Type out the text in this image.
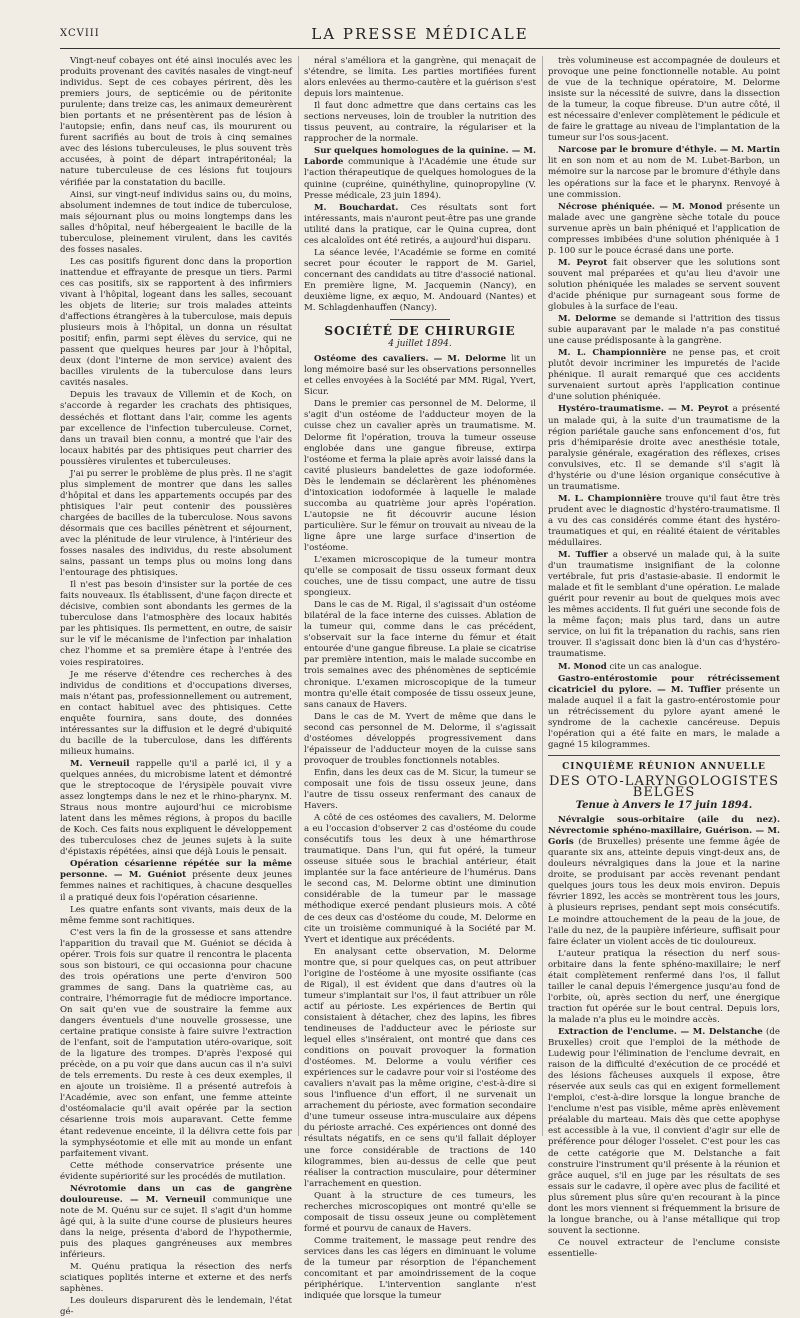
XCVIII	LA PRESSE MÉDICALE

Vingt-neuf cobayes ont été ainsi inoculés avec les produits provenant des cavités nasales de vingt-neuf individus. Sept de ces cobayes périrent, dès les premiers jours, de septicémie ou de péritonite purulente; dans treize cas, les animaux demeurèrent bien portants et ne présentèrent pas de lésion à l'autopsie; enfin, dans neuf cas, ils moururent ou furent sacrifiés au bout de trois à cinq semaines avec des lésions tuberculeuses, le plus souvent très accusées, à point de départ intrapéritonéal; la nature tuberculeuse de ces lésions fut toujours vérifiée par la constatation du bacille.

Ainsi, sur vingt-neuf individus sains ou, du moins, absolument indemnes de tout indice de tuberculose, mais séjournant plus ou moins longtemps dans les salles d'hôpital, neuf hébergeaient le bacille de la tuberculose, pleinement virulent, dans les cavités des fosses nasales.

Les cas positifs figurent donc dans la proportion inattendue et effrayante de presque un tiers. Parmi ces cas positifs, six se rapportent à des infirmiers vivant à l'hôpital, logeant dans les salles, secouant les objets de literie; sur trois malades atteints d'affections étrangères à la tuberculose, mais depuis plusieurs mois à l'hôpital, un donna un résultat positif; enfin, parmi sept élèves du service, qui ne passent que quelques heures par jour à l'hôpital, deux (dont l'interne de mon service) avaient des bacilles virulents de la tuberculose dans leurs cavités nasales.

Depuis les travaux de Villemin et de Koch, on s'accorde à regarder les crachats des phtisiques, desséchés et flottant dans l'air, comme les agents par excellence de l'infection tuberculeuse. Cornet, dans un travail bien connu, a montré que l'air des locaux habités par des phtisiques peut charrier des poussières virulentes et tuberculeuses.

J'ai pu serrer le problème de plus près. Il ne s'agit plus simplement de montrer que dans les salles d'hôpital et dans les appartements occupés par des phtisiques l'air peut contenir des poussières chargées de bacilles de la tuberculose. Nous savons désormais que ces bacilles pénètrent et séjournent, avec la plénitude de leur virulence, à l'intérieur des fosses nasales des individus, du reste absolument sains, passant un temps plus ou moins long dans l'entourage des phtisiques.

Il n'est pas besoin d'insister sur la portée de ces faits nouveaux. Ils établissent, d'une façon directe et décisive, combien sont abondants les germes de la tuberculose dans l'atmosphère des locaux habités par les phtisiques. Ils permettent, en outre, de saisir sur le vif le mécanisme de l'infection par inhalation chez l'homme et sa première étape à l'entrée des voies respiratoires.

Je me réserve d'étendre ces recherches à des individus de conditions et d'occupations diverses, mais n'étant pas, professionnellement ou autrement, en contact habituel avec des phtisiques. Cette enquête fournira, sans doute, des données intéressantes sur la diffusion et le degré d'ubiquité du bacille de la tuberculose, dans les différents milieux humains.

M. Verneuil rappelle qu'il a parlé ici, il y a quelques années, du microbisme latent et démontré que le streptocoque de l'érysipèle pouvait vivre assez longtemps dans le nez et le rhino-pharynx. M. Straus nous montre aujourd'hui ce microbisme latent dans les mêmes régions, à propos du bacille de Koch. Ces faits nous expliquent le développement des tuberculoses chez de jeunes sujets à la suite d'épistaxis répétées, ainsi que déjà Louis le pensait.

Opération césarienne répétée sur la même personne. — M. Guéniot présente deux jeunes femmes naines et rachitiques, à chacune desquelles il a pratiqué deux fois l'opération césarienne.

Les quatre enfants sont vivants, mais deux de la même femme sont rachitiques.

C'est vers la fin de la grossesse et sans attendre l'apparition du travail que M. Guéniot se décida à opérer. Trois fois sur quatre il rencontra le placenta sous son bistouri, ce qui occasionna pour chacune des trois opérations une perte d'environ 500 grammes de sang. Dans la quatrième cas, au contraire, l'hémorragie fut de médiocre importance. On sait qu'en vue de soustraire la femme aux dangers éventuels d'une nouvelle grossesse, une certaine pratique consiste à faire suivre l'extraction de l'enfant, soit de l'amputation utéro-ovarique, soit de la ligature des trompes. D'après l'exposé qui précède, on a pu voir que dans aucun cas il n'a suivi de tels errements. Du reste à ces deux exemples, il en ajoute un troisième. Il a présenté autrefois à l'Académie, avec son enfant, une femme atteinte d'ostéomalacie qu'il avait opérée par la section césarienne trois mois auparavant. Cette femme étant redevenue enceinte, il la délivra cette fois par la symphyséotomie et elle mit au monde un enfant parfaitement vivant.

Cette méthode conservatrice présente une évidente supériorité sur les procédés de mutilation.

Névrotomie dans un cas de gangrène douloureuse. — M. Verneuil communique une note de M. Quénu sur ce sujet. Il s'agit d'un homme âgé qui, à la suite d'une course de plusieurs heures dans la neige, présenta d'abord de l'hypothermie, puis des plaques gangréneuses aux membres inférieurs.

M. Quénu pratiqua la résection des nerfs sciatiques poplités interne et externe et des nerfs saphènes.

Les douleurs disparurent dès le lendemain, l'état gé-

néral s'améliora et la gangrène, qui menaçait de s'étendre, se limita. Les parties mortifiées furent alors enlevées au thermo-cautère et la guérison s'est depuis lors maintenue.

Il faut donc admettre que dans certains cas les sections nerveuses, loin de troubler la nutrition des tissus peuvent, au contraire, la régulariser et la rapprocher de la normale.

Sur quelques homologues de la quinine. — M. Laborde communique à l'Académie une étude sur l'action thérapeutique de quelques homologues de la quinine (cupréine, quinéthyline, quinopropyline (V. Presse médicale, 23 juin 1894).

M. Bouchardat. Ces résultats sont fort intéressants, mais n'auront peut-être pas une grande utilité dans la pratique, car le Quina cuprea, dont ces alcaloïdes ont été retirés, a aujourd'hui disparu.

La séance levée, l'Académie se forme en comité secret pour écouter le rapport de M. Gariel, concernant des candidats au titre d'associé national. En première ligne, M. Jacquemin (Nancy), en deuxième ligne, ex æquo, M. Andouard (Nantes) et M. Schlagdenhauffen (Nancy).

SOCIÉTÉ DE CHIRURGIE
4 juillet 1894.

Ostéome des cavaliers. — M. Delorme lit un long mémoire basé sur les observations personnelles et celles envoyées à la Société par MM. Rigal, Yvert, Sicur.

Dans le premier cas personnel de M. Delorme, il s'agit d'un ostéome de l'adducteur moyen de la cuisse chez un cavalier après un traumatisme. M. Delorme fit l'opération, trouva la tumeur osseuse englobée dans une gangue fibreuse, extirpa l'ostéome et ferma la plaie après avoir laissé dans la cavité plusieurs bandelettes de gaze iodoformée. Dès le lendemain se déclarèrent les phénomènes d'intoxication iodoformée à laquelle le malade succomba au quatrième jour après l'opération. L'autopsie ne fit découvrir aucune lésion particulière. Sur le fémur on trouvait au niveau de la ligne âpre une large surface d'insertion de l'ostéome.

L'examen microscopique de la tumeur montra qu'elle se composait de tissu osseux formant deux couches, une de tissu compact, une autre de tissu spongieux.

Dans le cas de M. Rigal, il s'agissait d'un ostéome bilatéral de la face interne des cuisses. Ablation de la tumeur qui, comme dans le cas précédent, s'observait sur la face interne du fémur et était entourée d'une gangue fibreuse. La plaie se cicatrise par première intention, mais le malade succombe en trois semaines avec des phénomènes de septicémie chronique. L'examen microscopique de la tumeur montra qu'elle était composée de tissu osseux jeune, sans canaux de Havers.

Dans le cas de M. Yvert de même que dans le second cas personnel de M. Delorme, il s'agissait d'ostéomes développés progressivement dans l'épaisseur de l'adducteur moyen de la cuisse sans provoquer de troubles fonctionnels notables.

Enfin, dans les deux cas de M. Sicur, la tumeur se composait une fois de tissu osseux jeune, dans l'autre de tissu osseux renfermant des canaux de Havers.

A côté de ces ostéomes des cavaliers, M. Delorme a eu l'occasion d'observer 2 cas d'ostéome du coude consécutifs tous les deux à une hémarthrose traumatique. Dans l'un, qui fut opéré, la tumeur osseuse située sous le brachial antérieur, était implantée sur la face antérieure de l'humérus. Dans le second cas, M. Delorme obtint une diminution considérable de la tumeur par le massage méthodique exercé pendant plusieurs mois. A côté de ces deux cas d'ostéome du coude, M. Delorme en cite un troisième communiqué à la Société par M. Yvert et identique aux précédents.

En analysant cette observation, M. Delorme montre que, si pour quelques cas, on peut attribuer l'origine de l'ostéome à une myosite ossifiante (cas de Rigal), il est évident que dans d'autres où la tumeur s'implantait sur l'os, il faut attribuer un rôle actif au périoste. Les expériences de Bertin qui consistaient à détacher, chez des lapins, les fibres tendineuses de l'adducteur avec le périoste sur lequel elles s'inséraient, ont montré que dans ces conditions on pouvait provoquer la formation d'ostéomes. M. Delorme a voulu vérifier ces expériences sur le cadavre pour voir si l'ostéome des cavaliers n'avait pas la même origine, c'est-à-dire si sous l'influence d'un effort, il ne survenait un arrachement du périoste, avec formation secondaire d'une tumeur osseuse intra-musculaire aux dépens du périoste arraché. Ces expériences ont donné des résultats négatifs, en ce sens qu'il fallait déployer une force considérable de tractions de 140 kilogrammes, bien au-dessus de celle que peut réaliser la contraction musculaire, pour déterminer l'arrachement en question.

Quant à la structure de ces tumeurs, les recherches microscopiques ont montré qu'elle se composait de tissu osseux jeune ou complètement formé et pourvu de canaux de Havers.

Comme traitement, le massage peut rendre des services dans les cas légers en diminuant le volume de la tumeur par résorption de l'épanchement concomitant et par amoindrissement de la coque périphérique. L'intervention sanglante n'est indiquée que lorsque la tumeur

très volumineuse est accompagnée de douleurs et provoque une peine fonctionnelle notable. Au point de vue de la technique opératoire, M. Delorme insiste sur la nécessité de suivre, dans la dissection de la tumeur, la coque fibreuse. D'un autre côté, il est nécessaire d'enlever complètement le pédicule et de faire le grattage au niveau de l'implantation de la tumeur sur l'os sous-jacent.

Narcose par le bromure d'éthyle. — M. Martin lit en son nom et au nom de M. Lubet-Barbon, un mémoire sur la narcose par le bromure d'éthyle dans les opérations sur la face et le pharynx. Renvoyé à une commission.

Nécrose phéniquée. — M. Monod présente un malade avec une gangrène sèche totale du pouce survenue après un bain phéniqué et l'application de compresses imbibées d'une solution phéniquée à 1 p. 100 sur le pouce écrasé dans une porte.

M. Peyrot fait observer que les solutions sont souvent mal préparées et qu'au lieu d'avoir une solution phéniquée les malades se servent souvent d'acide phénique pur surnageant sous forme de globules à la surface de l'eau.

M. Delorme se demande si l'attrition des tissus subie auparavant par le malade n'a pas constitué une cause prédisposante à la gangrène.

M. L. Championnière ne pense pas, et croit plutôt devoir incriminer les impuretés de l'acide phénique. Il aurait remarqué que ces accidents survenaient surtout après l'application continue d'une solution phéniquée.

Hystéro-traumatisme. — M. Peyrot a présenté un malade qui, à la suite d'un traumatisme de la région pariétale gauche sans enfoncement d'os, fut pris d'hémiparésie droite avec anesthésie totale, paralysie générale, exagération des réflexes, crises convulsives, etc. Il se demande s'il s'agit là d'hystérie ou d'une lésion organique consécutive à un traumatisme.

M. L. Championnière trouve qu'il faut être très prudent avec le diagnostic d'hystéro-traumatisme. Il a vu des cas considérés comme étant des hystéro-traumatiques et qui, en réalité étaient de véritables médullaires.

M. Tuffier a observé un malade qui, à la suite d'un traumatisme insignifiant de la colonne vertébrale, fut pris d'astasie-abasie. Il endormit le malade et fit le semblant d'une opération. Le malade guérit pour revenir au bout de quelques mois avec les mêmes accidents. Il fut guéri une seconde fois de la même façon; mais plus tard, dans un autre service, on lui fit la trépanation du rachis, sans rien trouver. Il s'agissait donc bien là d'un cas d'hystéro-traumatisme.

M. Monod cite un cas analogue.

Gastro-entérostomie pour rétrécissement cicatriciel du pylore. — M. Tuffier présente un malade auquel il a fait la gastro-entérostomie pour un rétrécissement du pylore ayant amené le syndrome de la cachexie cancéreuse. Depuis l'opération qui a été faite en mars, le malade a gagné 15 kilogrammes.

CINQUIÈME RÉUNION ANNUELLE
DES OTO-LARYNGOLOGISTES BELGES
Tenue à Anvers le 17 juin 1894.

Névralgie sous-orbitaire (aile du nez). Névrectomie sphéno-maxillaire, Guérison. — M. Goris (de Bruxelles) présente une femme âgée de quarante six ans, atteinte depuis vingt-deux ans, de douleurs névralgiques dans la joue et la narine droite, se produisant par accès revenant pendant quelques jours tous les deux mois environ. Depuis février 1892, les accès se montrèrent tous les jours, à plusieurs reprises, pendant sept mois consécutifs. Le moindre attouchement de la peau de la joue, de l'aile du nez, de la paupière inférieure, suffisait pour faire éclater un violent accès de tic douloureux.

L'auteur pratiqua la résection du nerf sous-orbitaire dans la fente sphéno-maxillaire; le nerf était complètement renfermé dans l'os, il fallut tailler le canal depuis l'émergence jusqu'au fond de l'orbite, où, après section du nerf, une énergique traction fut opérée sur le bout central. Depuis lors, la malade n'a plus eu le moindre accès.

Extraction de l'enclume. — M. Delstanche (de Bruxelles) croit que l'emploi de la méthode de Ludewig pour l'élimination de l'enclume devrait, en raison de la difficulté d'exécution de ce procédé et des lésions fâcheuses auxquels il expose, être réservée aux seuls cas qui en exigent formellement l'emploi, c'est-à-dire lorsque la longue branche de l'enclume n'est pas visible, même après enlèvement préalable du marteau. Mais dès que cette apophyse est accessible à la vue, il convient d'agir sur elle de préférence pour déloger l'osselet. C'est pour les cas de cette catégorie que M. Delstanche a fait construire l'instrument qu'il présente à la réunion et grâce auquel, s'il en juge par les résultats de ses essais sur le cadavre, il opère avec plus de facilité et plus sûrement plus sûre qu'en recourant à la pince dont les mors viennent si fréquemment la brisure de la longue branche, ou à l'anse métallique qui trop souvent la sectionne.

Ce nouvel extracteur de l'enclume consiste essentielle-
